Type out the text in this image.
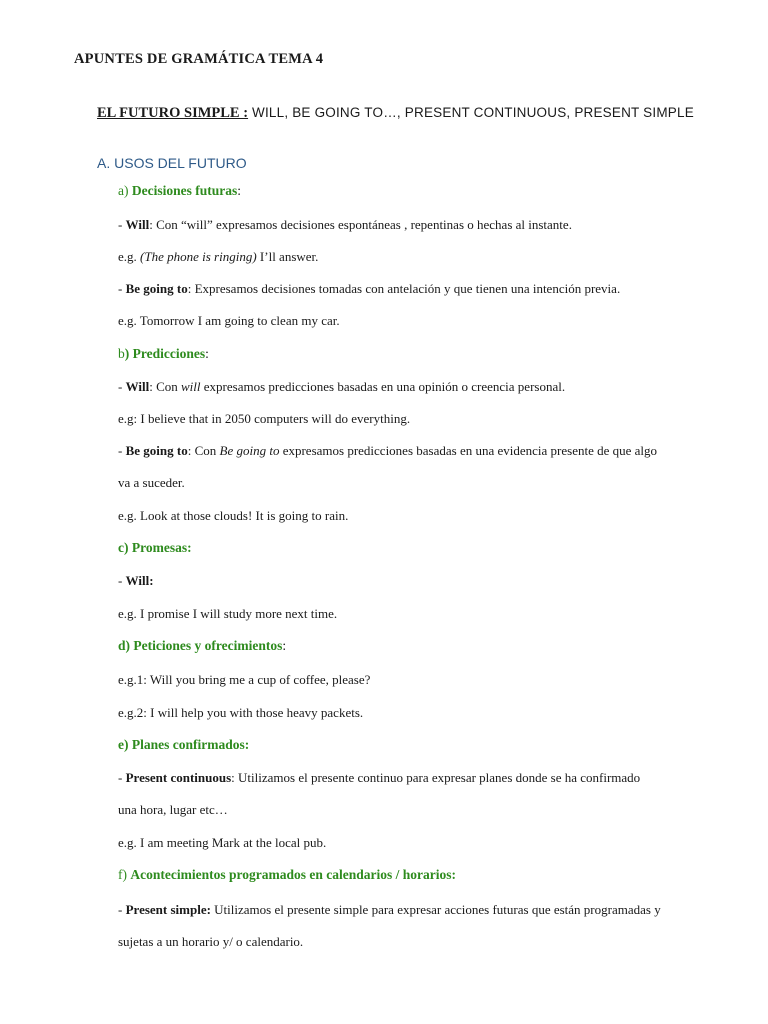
APUNTES DE GRAMÁTICA TEMA 4
EL FUTURO SIMPLE : WILL, BE GOING TO…, PRESENT CONTINUOUS, PRESENT SIMPLE
A. USOS DEL FUTURO
a) Decisiones futuras:
- Will: Con “will” expresamos decisiones espontáneas , repentinas o hechas al instante.
e.g. (The phone is ringing) I’ll answer.
- Be going to: Expresamos decisiones tomadas con antelación y que tienen una intención previa.
e.g. Tomorrow I am going to clean my car.
b) Predicciones:
- Will: Con will expresamos predicciones basadas en una opinión o creencia personal.
e.g: I believe that in 2050 computers will do everything.
- Be going to: Con Be going to expresamos predicciones basadas en una evidencia presente de que algo
va a suceder.
e.g. Look at those clouds! It is going to rain.
c) Promesas:
- Will:
e.g. I promise I will study more next time.
d) Peticiones y ofrecimientos:
e.g.1: Will you bring me a cup of coffee, please?
e.g.2: I will help you with those heavy packets.
e) Planes confirmados:
- Present continuous: Utilizamos el presente continuo para expresar planes donde se ha confirmado
una hora, lugar etc…
e.g. I am meeting Mark at the local pub.
f) Acontecimientos programados en calendarios / horarios:
- Present simple: Utilizamos el presente simple para expresar acciones futuras que están programadas y
sujetas a un horario y/ o calendario.
